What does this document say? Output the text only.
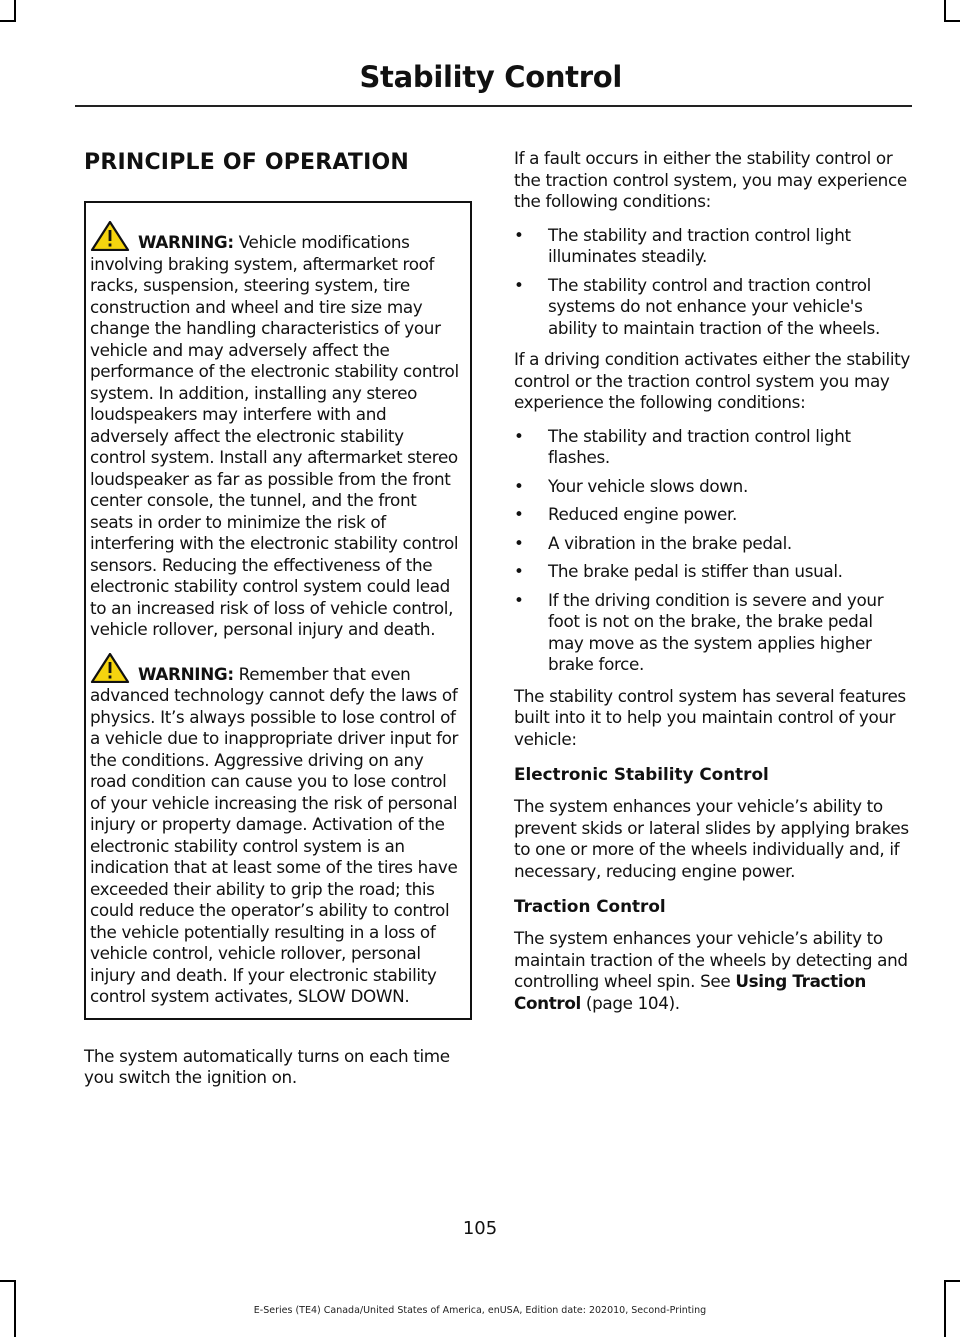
Stability Control
PRINCIPLE OF OPERATION

WARNING: Vehicle modifications involving braking system, aftermarket roof racks, suspension, steering system, tire construction and wheel and tire size may change the handling characteristics of your vehicle and may adversely affect the performance of the electronic stability control system. In addition, installing any stereo loudspeakers may interfere with and adversely affect the electronic stability control system. Install any aftermarket stereo loudspeaker as far as possible from the front center console, the tunnel, and the front seats in order to minimize the risk of interfering with the electronic stability control sensors. Reducing the effectiveness of the electronic stability control system could lead to an increased risk of loss of vehicle control, vehicle rollover, personal injury and death.

WARNING: Remember that even advanced technology cannot defy the laws of physics. It’s always possible to lose control of a vehicle due to inappropriate driver input for the conditions. Aggressive driving on any road condition can cause you to lose control of your vehicle increasing the risk of personal injury or property damage. Activation of the electronic stability control system is an indication that at least some of the tires have exceeded their ability to grip the road; this could reduce the operator’s ability to control the vehicle potentially resulting in a loss of vehicle control, vehicle rollover, personal injury and death. If your electronic stability control system activates, SLOW DOWN.

The system automatically turns on each time you switch the ignition on.

If a fault occurs in either the stability control or the traction control system, you may experience the following conditions:

• The stability and traction control light illuminates steadily.
• The stability control and traction control systems do not enhance your vehicle's ability to maintain traction of the wheels.

If a driving condition activates either the stability control or the traction control system you may experience the following conditions:

• The stability and traction control light flashes.
• Your vehicle slows down.
• Reduced engine power.
• A vibration in the brake pedal.
• The brake pedal is stiffer than usual.
• If the driving condition is severe and your foot is not on the brake, the brake pedal may move as the system applies higher brake force.

The stability control system has several features built into it to help you maintain control of your vehicle:

Electronic Stability Control

The system enhances your vehicle’s ability to prevent skids or lateral slides by applying brakes to one or more of the wheels individually and, if necessary, reducing engine power.

Traction Control

The system enhances your vehicle’s ability to maintain traction of the wheels by detecting and controlling wheel spin. See Using Traction Control (page 104).

105
E-Series (TE4) Canada/United States of America, enUSA, Edition date: 202010, Second-Printing
